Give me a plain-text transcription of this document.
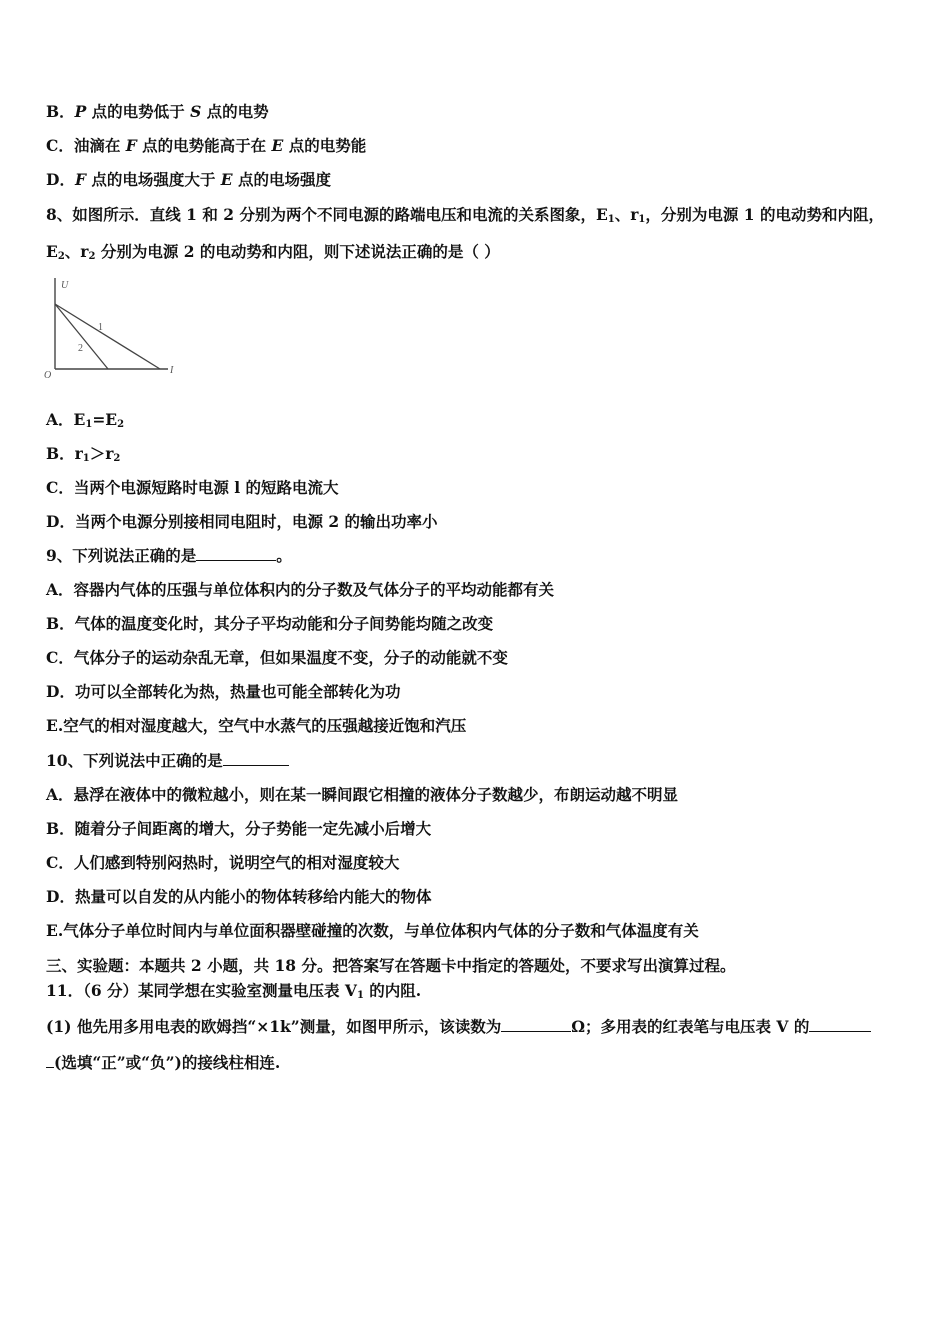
B．P 点的电势低于 S 点的电势
C．油滴在 F 点的电势能高于在 E 点的电势能
D．F 点的电场强度大于 E 点的电场强度
8、如图所示．直线 1 和 2 分别为两个不同电源的路端电压和电流的关系图象，$E_1$、$r_1$，分别为电源 1 的电动势和内阻，
$E_2$、$r_2$ 分别为电源 2 的电动势和内阻，则下述说法正确的是（ ）
U
I
O
1
2
A．$E_1=E_2$
B．$r_1>r_2$
C．当两个电源短路时电源 l 的短路电流大
D．当两个电源分别接相同电阻时，电源 2 的输出功率小
9、下列说法正确的是	。
A．容器内气体的压强与单位体积内的分子数及气体分子的平均动能都有关
B．气体的温度变化时，其分子平均动能和分子间势能均随之改变
C．气体分子的运动杂乱无章，但如果温度不变，分子的动能就不变
D．功可以全部转化为热，热量也可能全部转化为功
E.空气的相对湿度越大，空气中水蒸气的压强越接近饱和汽压
10、下列说法中正确的是
A．悬浮在液体中的微粒越小，则在某一瞬间跟它相撞的液体分子数越少，布朗运动越不明显
B．随着分子间距离的增大，分子势能一定先减小后增大
C．人们感到特别闷热时，说明空气的相对湿度较大
D．热量可以自发的从内能小的物体转移给内能大的物体
E.气体分子单位时间内与单位面积器壁碰撞的次数，与单位体积内气体的分子数和气体温度有关
三、实验题：本题共 2 小题，共 18 分。把答案写在答题卡中指定的答题处，不要求写出演算过程。
11．（6 分）某同学想在实验室测量电压表 $V_1$ 的内阻.
(1) 他先用多用电表的欧姆挡“×1k”测量，如图甲所示，该读数为	Ω；多用表的红表笔与电压表 V 的
(选填“正”或“负”)的接线柱相连.
